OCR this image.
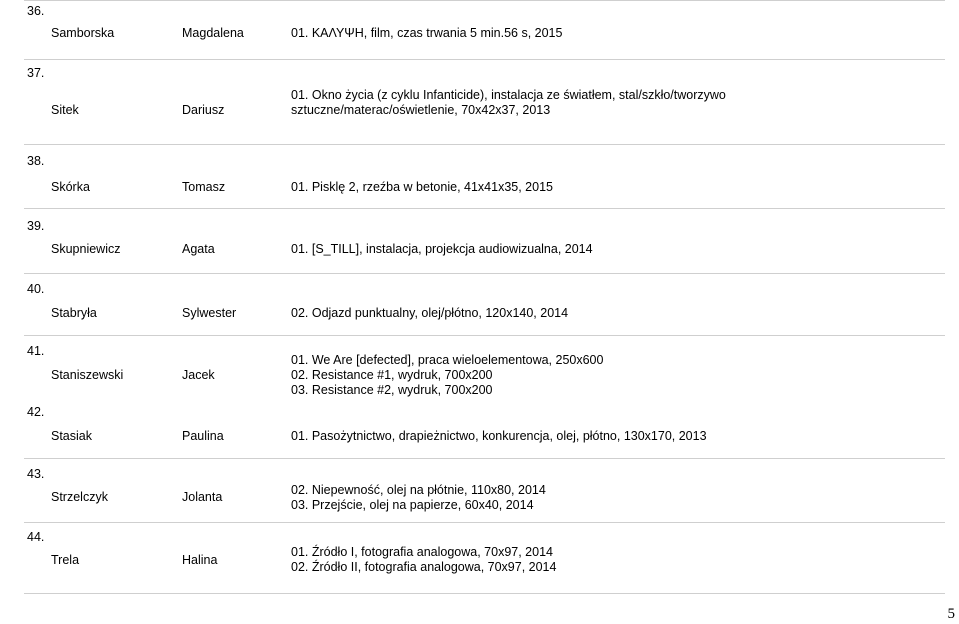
36.
Samborska	Magdalena	01. ΚΑΛΥΨΗ, film, czas trwania 5 min.56 s, 2015
37.
Sitek	Dariusz
01. Okno życia (z cyklu Infanticide), instalacja ze światłem, stal/szkło/tworzywo
sztuczne/materac/oświetlenie, 70x42x37, 2013
38.
Skórka	Tomasz	01. Pisklę 2, rzeźba w betonie, 41x41x35, 2015
39.
Skupniewicz	Agata	01. [S_TILL], instalacja, projekcja audiowizualna, 2014
40.
Stabryła	Sylwester	02. Odjazd punktualny, olej/płótno, 120x140, 2014
41.
Staniszewski	Jacek
01. We Are [defected], praca wieloelementowa, 250x600
02. Resistance #1, wydruk, 700x200
03. Resistance #2, wydruk, 700x200
42.
Stasiak	Paulina	01. Pasożytnictwo, drapieżnictwo, konkurencja, olej, płótno, 130x170, 2013
43.
Strzelczyk	Jolanta	02. Niepewność, olej na płótnie, 110x80, 2014
03. Przejście, olej na papierze, 60x40, 2014
44.
Trela	Halina
01. Źródło I, fotografia analogowa, 70x97, 2014
02. Źródło II, fotografia analogowa, 70x97, 2014
5
